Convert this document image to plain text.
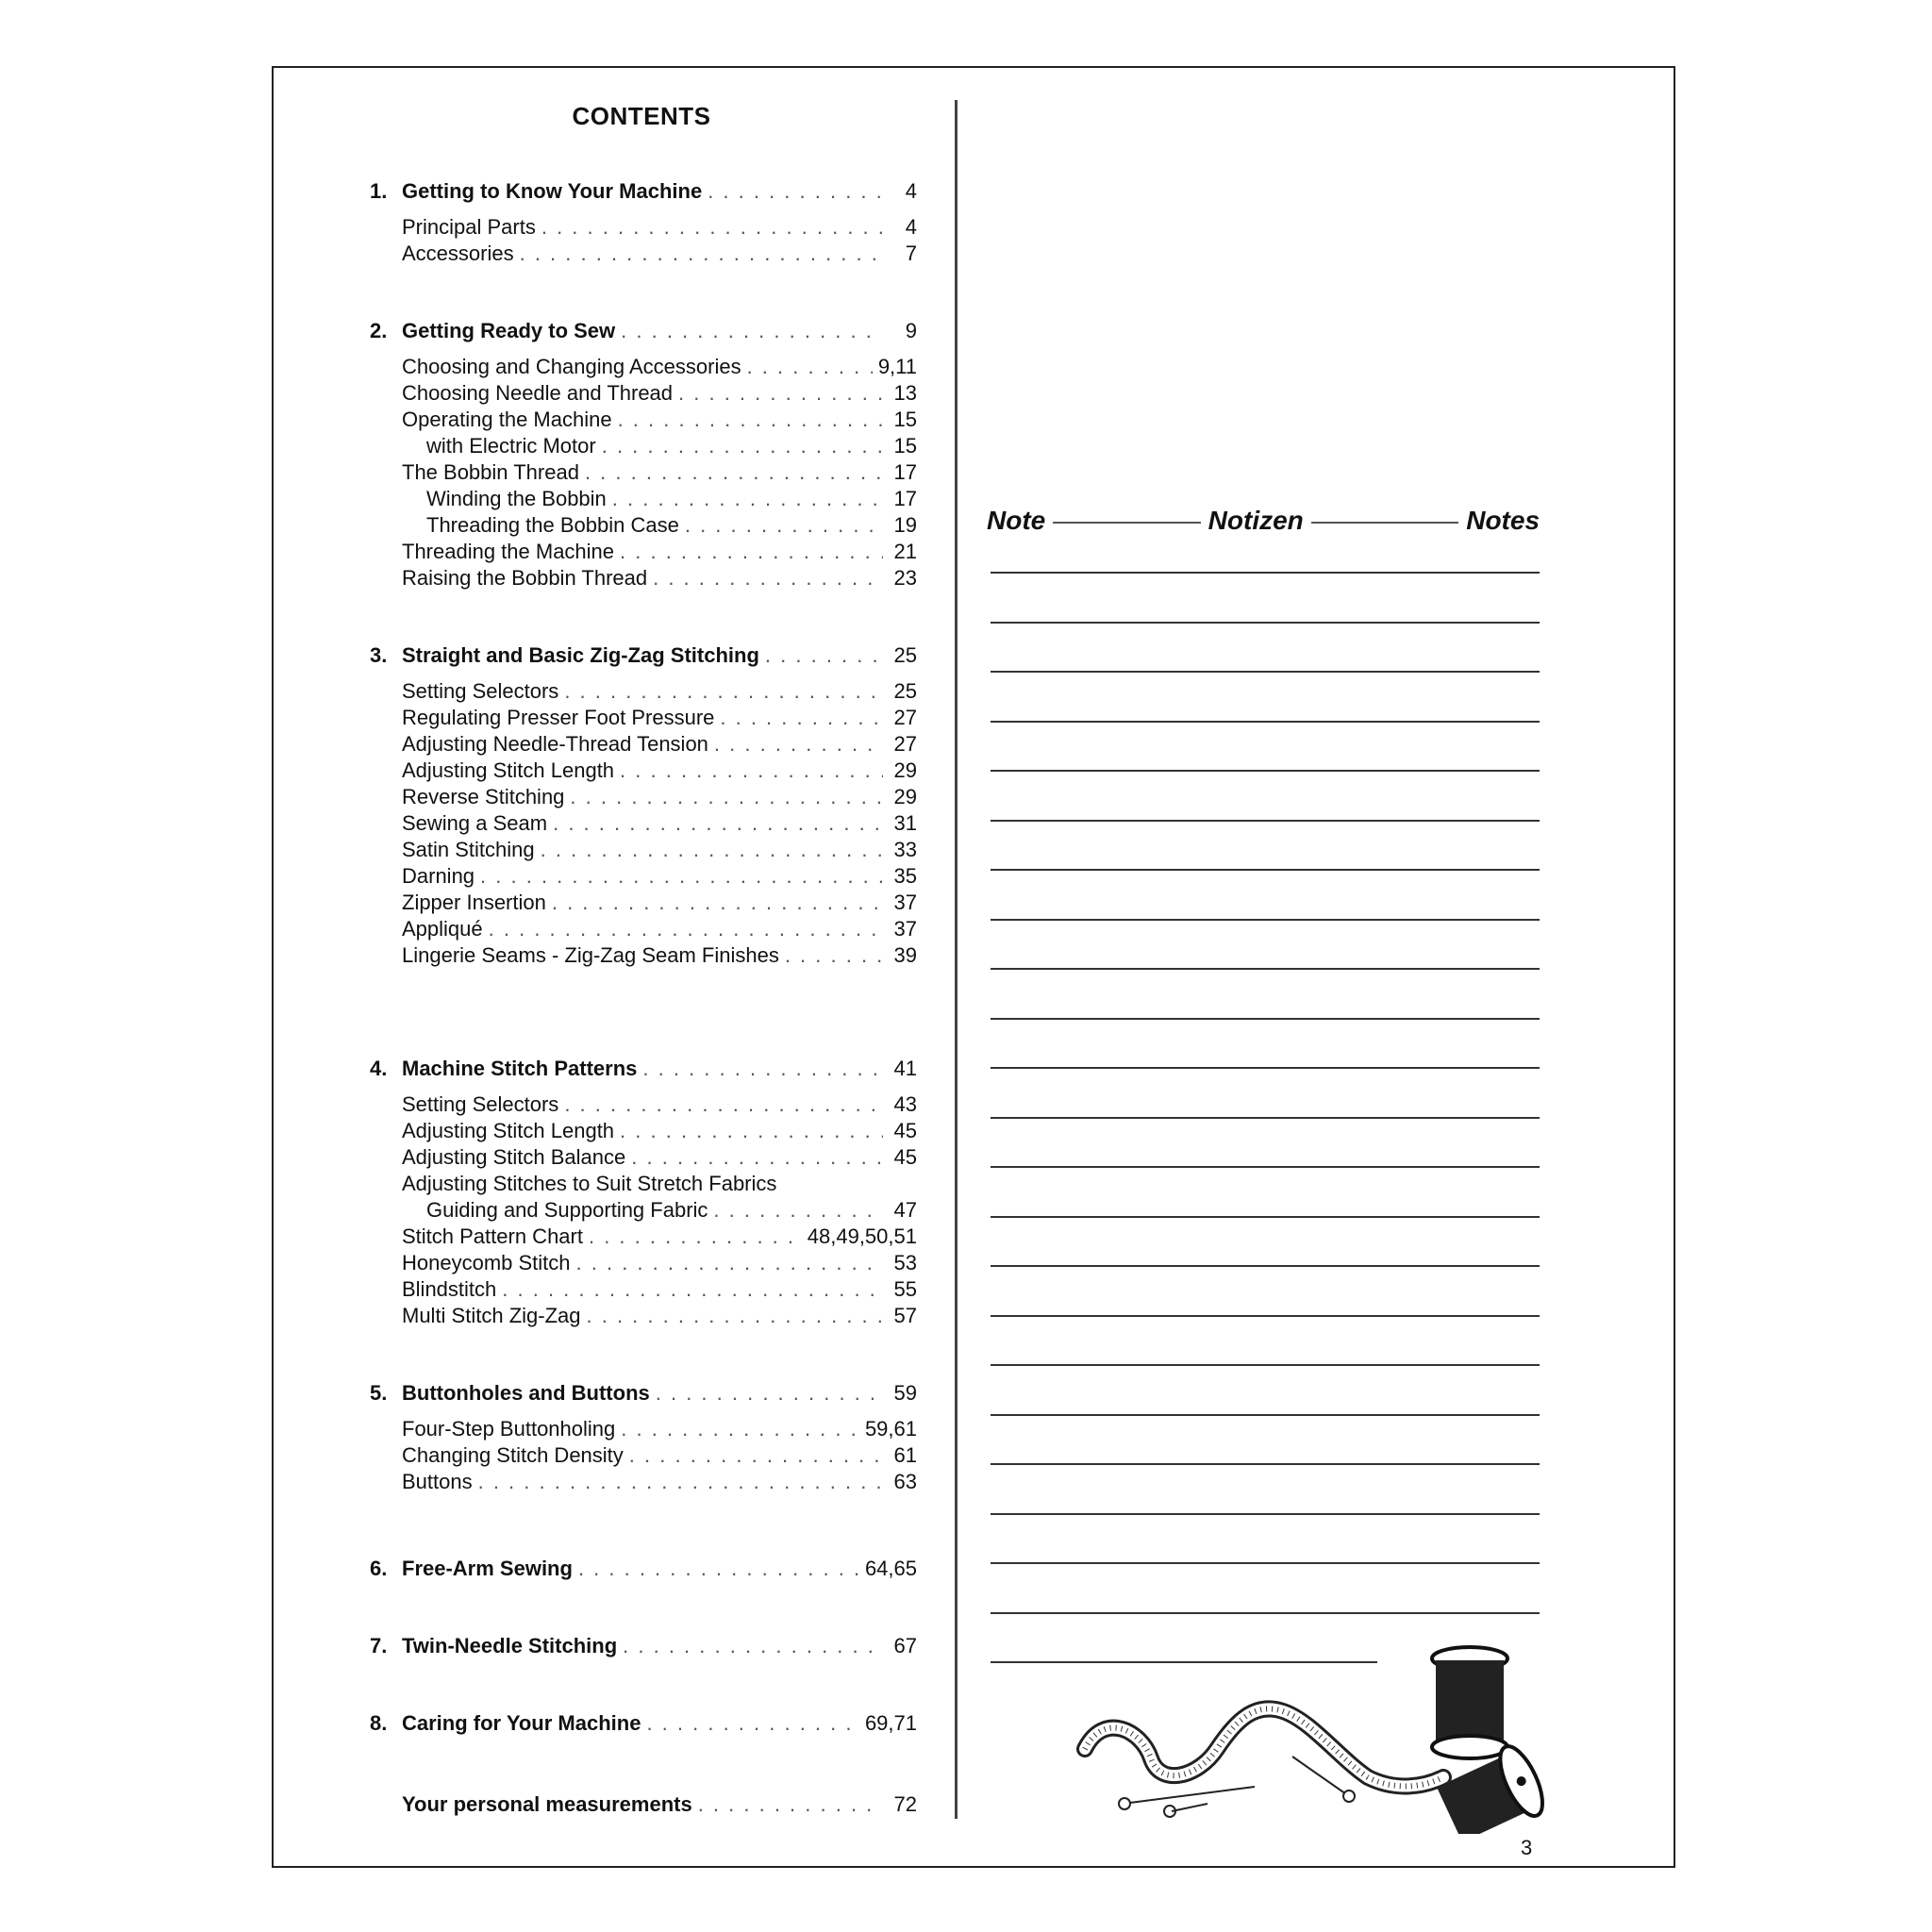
CONTENTS
1. Getting to Know Your Machine . . .	4
Principal Parts . . .	4
Accessories . . .	7
2. Getting Ready to Sew . . .	9
Choosing and Changing Accessories . . .	9,11
Choosing Needle and Thread . . .	13
Operating the Machine . . .	15
with Electric Motor . . .	15
The Bobbin Thread . . .	17
Winding the Bobbin . . .	17
Threading the Bobbin Case . . .	19
Threading the Machine . . .	21
Raising the Bobbin Thread . . .	23
3. Straight and Basic Zig-Zag Stitching . . .	25
Setting Selectors . . .	25
Regulating Presser Foot Pressure . . .	27
Adjusting Needle-Thread Tension . . .	27
Adjusting Stitch Length . . .	29
Reverse Stitching . . .	29
Sewing a Seam . . .	31
Satin Stitching . . .	33
Darning . . .	35
Zipper Insertion . . .	37
Appliqué . . .	37
Lingerie Seams - Zig-Zag Seam Finishes . . .	39
4. Machine Stitch Patterns . . .	41
Setting Selectors . . .	43
Adjusting Stitch Length . . .	45
Adjusting Stitch Balance . . .	45
Adjusting Stitches to Suit Stretch Fabrics
Guiding and Supporting Fabric . . .	47
Stitch Pattern Chart . . .	48,49,50,51
Honeycomb Stitch . . .	53
Blindstitch . . .	55
Multi Stitch Zig-Zag . . .	57
5. Buttonholes and Buttons . . .	59
Four-Step Buttonholing . . .	59,61
Changing Stitch Density . . .	61
Buttons . . .	63
6. Free-Arm Sewing . . .	64,65
7. Twin-Needle Stitching . . .	67
8. Caring for Your Machine . . .	69,71
Your personal measurements . . .	72
Note	Notizen	Notes
3
